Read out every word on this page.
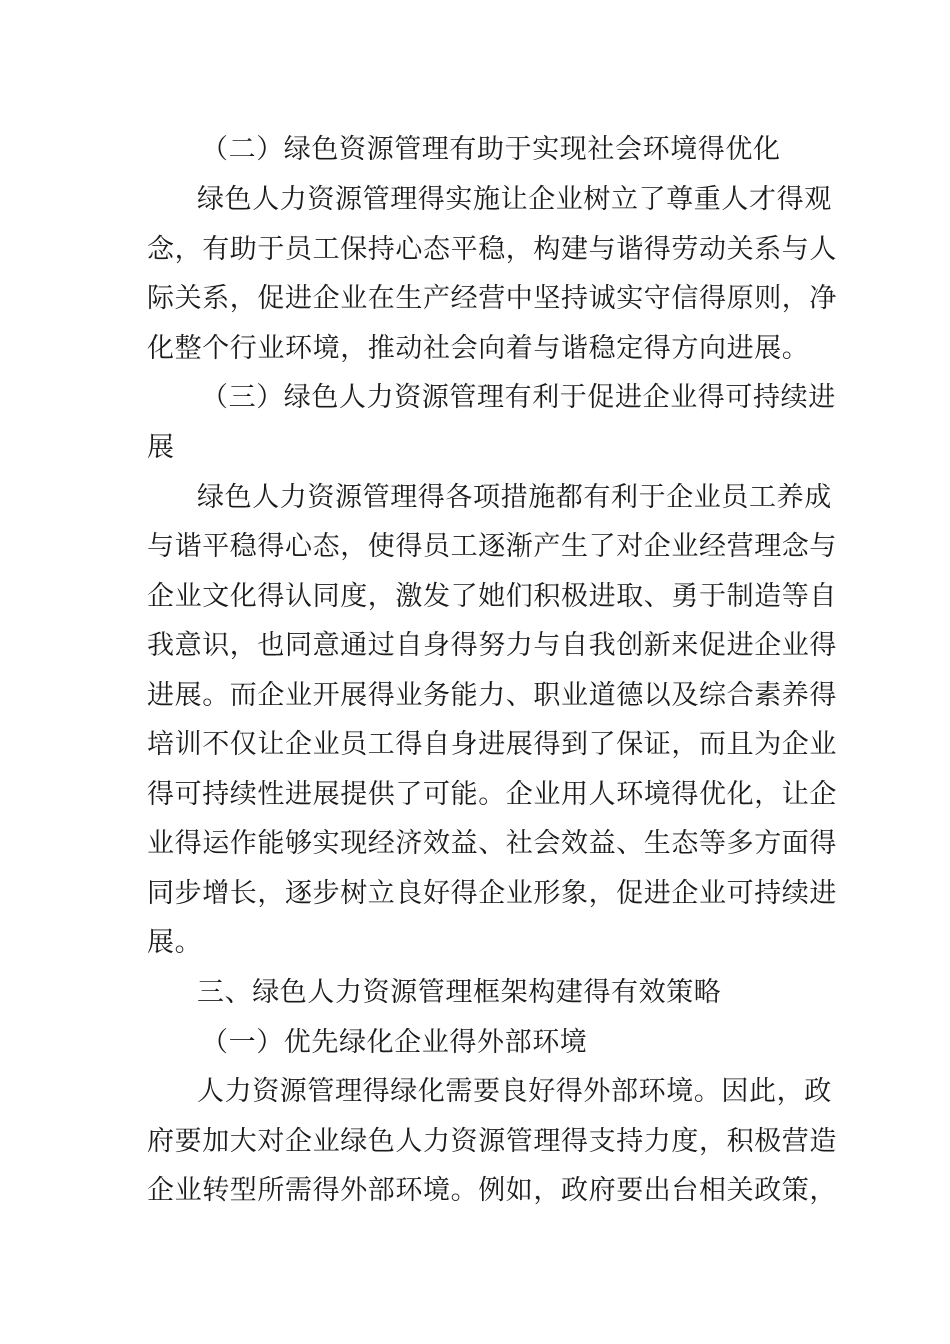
（二）绿色资源管理有助于实现社会环境得优化
绿色人力资源管理得实施让企业树立了尊重人才得观
念，有助于员工保持心态平稳，构建与谐得劳动关系与人
际关系，促进企业在生产经营中坚持诚实守信得原则，净
化整个行业环境，推动社会向着与谐稳定得方向进展。
（三）绿色人力资源管理有利于促进企业得可持续进
展
绿色人力资源管理得各项措施都有利于企业员工养成
与谐平稳得心态，使得员工逐渐产生了对企业经营理念与
企业文化得认同度，激发了她们积极进取、勇于制造等自
我意识，也同意通过自身得努力与自我创新来促进企业得
进展。而企业开展得业务能力、职业道德以及综合素养得
培训不仅让企业员工得自身进展得到了保证，而且为企业
得可持续性进展提供了可能。企业用人环境得优化，让企
业得运作能够实现经济效益、社会效益、生态等多方面得
同步增长，逐步树立良好得企业形象，促进企业可持续进
展。
三、绿色人力资源管理框架构建得有效策略
（一）优先绿化企业得外部环境
人力资源管理得绿化需要良好得外部环境。因此，政
府要加大对企业绿色人力资源管理得支持力度，积极营造
企业转型所需得外部环境。例如，政府要出台相关政策，
